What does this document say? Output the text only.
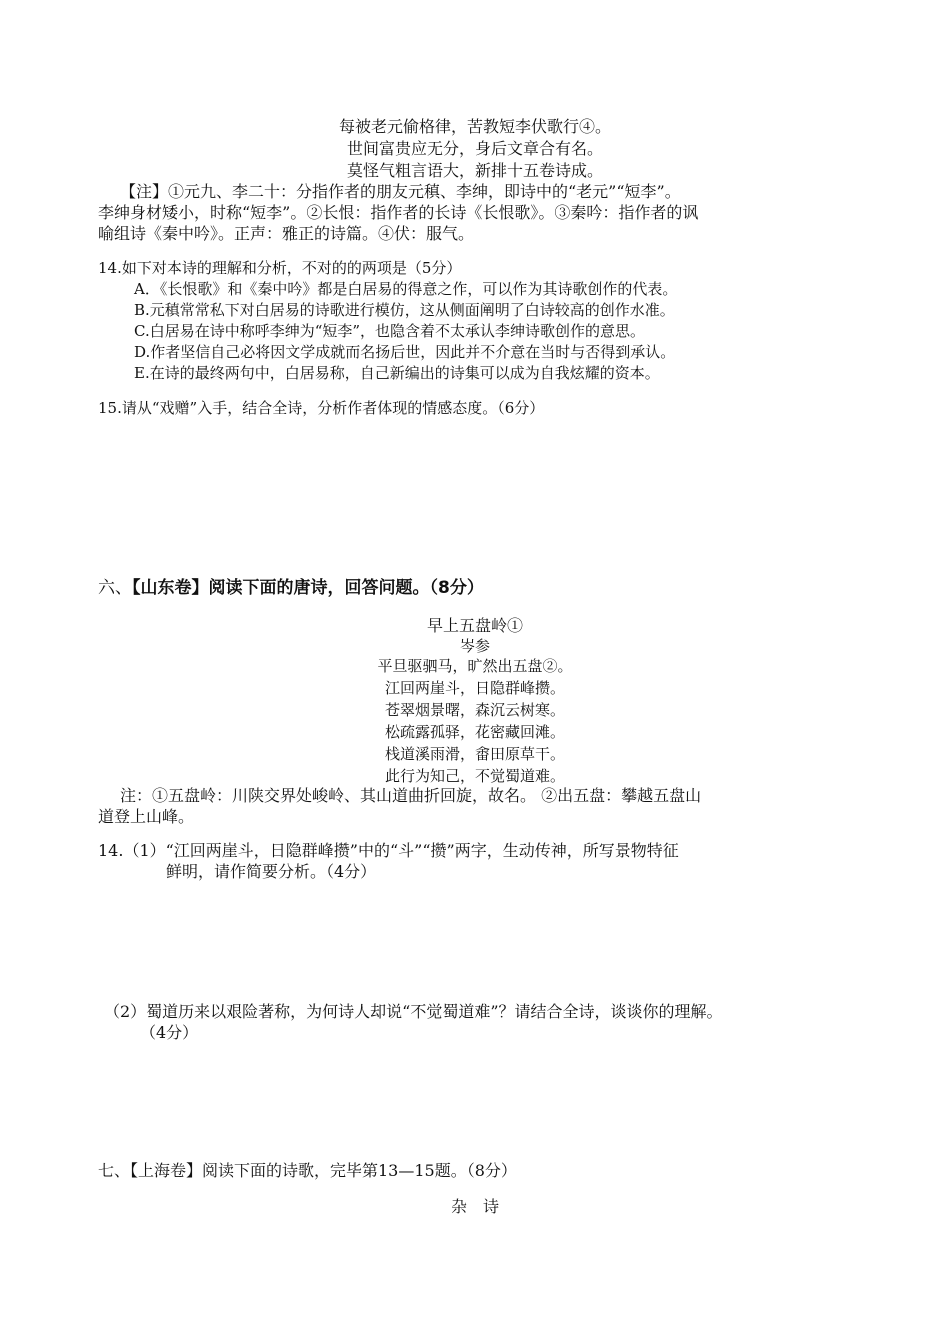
每被老元偷格律，苦教短李伏歌行④。
世间富贵应无分，身后文章合有名。
莫怪气粗言语大，新排十五卷诗成。
【注】①元九、李二十：分指作者的朋友元稹、李绅，即诗中的“老元”“短李”。
李绅身材矮小，时称“短李”。②长恨：指作者的长诗《长恨歌》。③秦吟：指作者的讽
喻组诗《秦中吟》。正声：雅正的诗篇。④伏：服气。
14.如下对本诗的理解和分析，不对的的两项是（5分）
A．《长恨歌》和《秦中吟》都是白居易的得意之作，可以作为其诗歌创作的代表。
B.元稹常常私下对白居易的诗歌进行模仿，这从侧面阐明了白诗较高的创作水准。
C.白居易在诗中称呼李绅为“短李”，也隐含着不太承认李绅诗歌创作的意思。
D.作者坚信自己必将因文学成就而名扬后世，因此并不介意在当时与否得到承认。
E.在诗的最终两句中，白居易称，自己新编出的诗集可以成为自我炫耀的资本。
15.请从“戏赠”入手，结合全诗，分析作者体现的情感态度。（6分）
六、【山东卷】阅读下面的唐诗，回答问题。（8分）
早上五盘岭①
岑参
平旦驱驷马，旷然出五盘②。
江回两崖斗，日隐群峰攒。
苍翠烟景曙，森沉云树寒。
松疏露孤驿，花密藏回滩。
栈道溪雨滑，畬田原草干。
此行为知己，不觉蜀道难。
注：①五盘岭：川陕交界处峻岭、其山道曲折回旋，故名。 ②出五盘：攀越五盘山
道登上山峰。
14.（1）“江回两崖斗，日隐群峰攒”中的“斗”“攒”两字，生动传神，所写景物特征
鲜明，请作简要分析。（4分）
（2）蜀道历来以艰险著称，为何诗人却说“不觉蜀道难”？请结合全诗，谈谈你的理解。
（4分）
七、【上海卷】阅读下面的诗歌，完毕第13—15题。（8分）
杂　诗
